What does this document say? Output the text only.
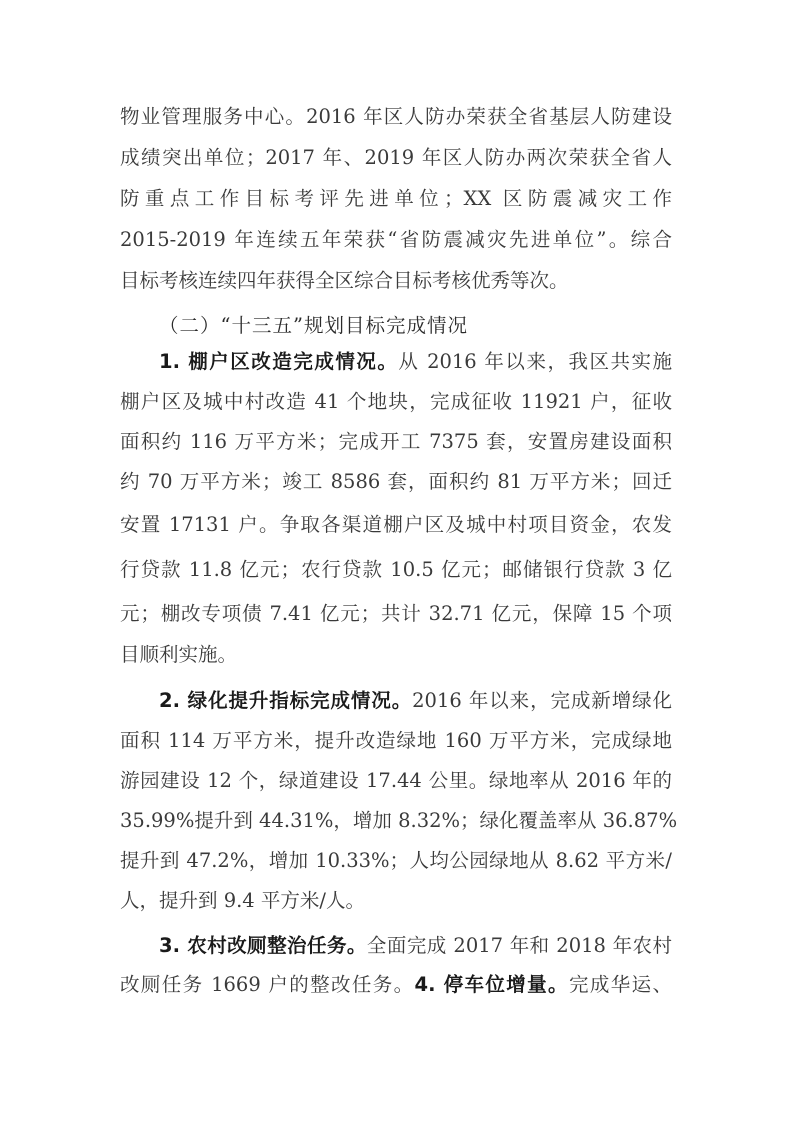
物业管理服务中心。2016 年区人防办荣获全省基层人防建设
成绩突出单位；2017 年、2019 年区人防办两次荣获全省人
防重点工作目标考评先进单位；XX 区防震减灾工作
2015-2019 年连续五年荣获“省防震减灾先进单位”。综合
目标考核连续四年获得全区综合目标考核优秀等次。
（二）“十三五”规划目标完成情况
1. 棚户区改造完成情况。从 2016 年以来，我区共实施
棚户区及城中村改造 41 个地块，完成征收 11921 户，征收
面积约 116 万平方米；完成开工 7375 套，安置房建设面积
约 70 万平方米；竣工 8586 套，面积约 81 万平方米；回迁
安置 17131 户。争取各渠道棚户区及城中村项目资金，农发
行贷款 11.8 亿元；农行贷款 10.5 亿元；邮储银行贷款 3 亿
元；棚改专项债 7.41 亿元；共计 32.71 亿元，保障 15 个项
目顺利实施。
2. 绿化提升指标完成情况。2016 年以来，完成新增绿化
面积 114 万平方米，提升改造绿地 160 万平方米，完成绿地
游园建设 12 个，绿道建设 17.44 公里。绿地率从 2016 年的
35.99%提升到 44.31%，增加 8.32%；绿化覆盖率从 36.87%
提升到 47.2%，增加 10.33%；人均公园绿地从 8.62 平方米/
人，提升到 9.4 平方米/人。
3. 农村改厕整治任务。全面完成 2017 年和 2018 年农村
改厕任务 1669 户的整改任务。4. 停车位增量。完成华运、
